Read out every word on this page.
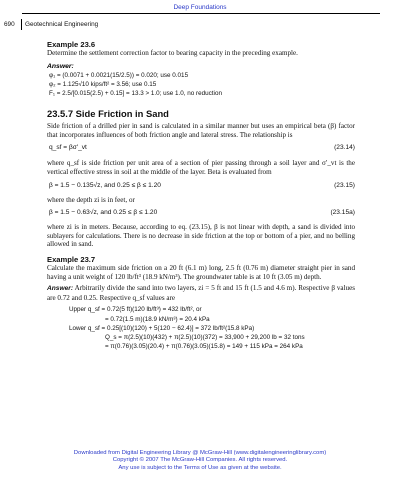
Deep Foundations
690 Geotechnical Engineering
Example 23.6
Determine the settlement correction factor to bearing capacity in the preceding example.
Answer:
φ₁ = (0.0071 + 0.0021(15/2.5)) = 0.020; use 0.015
φ₂ = 1.125√10 kips/ft² = 3.56; use 0.15
F₁ = 2.5/[0.015(2.5) + 0.15] = 13.3 > 1.0; use 1.0, no reduction
23.5.7 Side Friction in Sand
Side friction of a drilled pier in sand is calculated in a similar manner but uses an empirical beta (β) factor that incorporates influences of both friction angle and lateral stress. The relationship is
q_sf = βσ′_vt	(23.14)
where q_sf is side friction per unit area of a section of pier passing through a soil layer and σ′_vt is the vertical effective stress in soil at the middle of the layer. Beta is evaluated from
β = 1.5 − 0.135√z, and 0.25 ≤ β ≤ 1.20	(23.15)
where the depth zi is in feet, or
β = 1.5 − 0.63√z, and 0.25 ≤ β ≤ 1.20	(23.15a)
where zi is in meters. Because, according to eq. (23.15), β is not linear with depth, a sand is divided into sublayers for calculations. There is no decrease in side friction at the top or bottom of a pier, and no belling allowed in sand.
Example 23.7
Calculate the maximum side friction on a 20 ft (6.1 m) long, 2.5 ft (0.76 m) diameter straight pier in sand having a unit weight of 120 lb/ft³ (18.9 kN/m³). The groundwater table is at 10 ft (3.05 m) depth.
Answer: Arbitrarily divide the sand into two layers, zi = 5 ft and 15 ft (1.5 and 4.6 m). Respective β values are 0.72 and 0.25. Respective q_sf values are
Upper q_sf = 0.72(5 ft)(120 lb/ft³) = 432 lb/ft², or
= 0.72(1.5 m)(18.9 kN/m³) = 20.4 kPa
Lower q_sf = 0.25[(10)(120) + 5(120 − 62.4)] = 372 lb/ft²(15.8 kPa)
Q_s = π(2.5)(10)(432) + π(2.5)(10)(372) = 33,900 + 29,200 lb = 32 tons
= π(0.76)(3.05)(20.4) + π(0.76)(3.05)(15.8) = 149 + 115 kPa = 264 kPa
Downloaded from Digital Engineering Library @ McGraw-Hill (www.digitalengineeringlibrary.com)
Copyright © 2007 The McGraw-Hill Companies. All rights reserved.
Any use is subject to the Terms of Use as given at the website.
